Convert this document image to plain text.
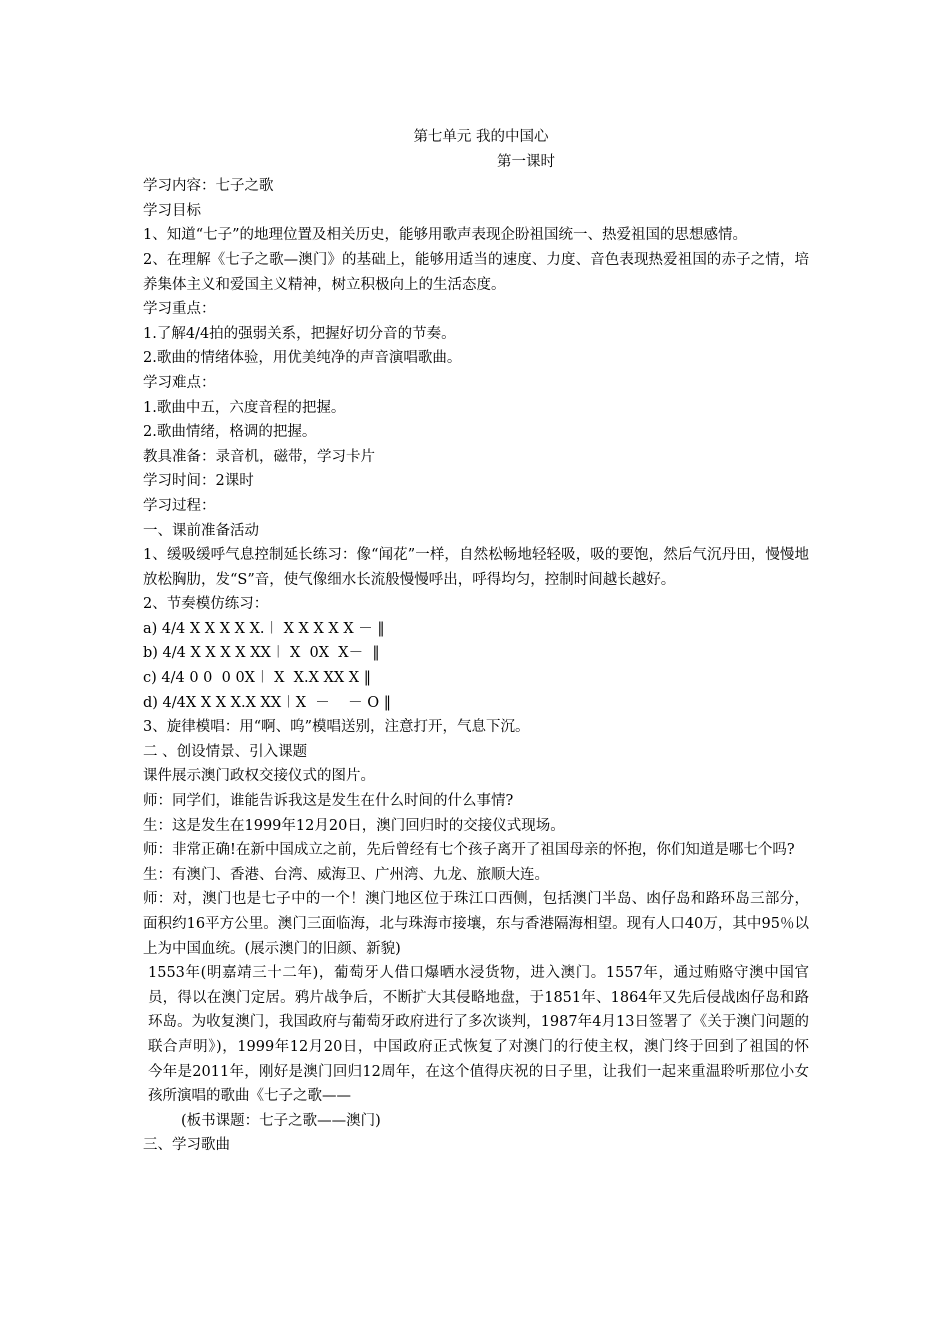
第七单元 我的中国心
第一课时

学习内容：七子之歌

学习目标

1、知道“七子”的地理位置及相关历史，能够用歌声表现企盼祖国统一、热爱祖国的思想感情。

2、在理解《七子之歌—澳门》的基础上，能够用适当的速度、力度、音色表现热爱祖国的赤子之情，培养集体主义和爱国主义精神，树立积极向上的生活态度。

学习重点：

1.了解4/4拍的强弱关系，把握好切分音的节奏。

2.歌曲的情绪体验，用优美纯净的声音演唱歌曲。

学习难点：

1.歌曲中五，六度音程的把握。

2.歌曲情绪，格调的把握。

教具准备：录音机，磁带，学习卡片

学习时间：2课时

学习过程：

一、课前准备活动

1、缓吸缓呼气息控制延长练习：像“闻花”一样，自然松畅地轻轻吸，吸的要饱，然后气沉丹田，慢慢地放松胸肋，发“S”音，使气像细水长流般慢慢呼出，呼得均匀，控制时间越长越好。

2、节奏模仿练习：

a) 4/4 X X X X X.︱ X X X X X － ‖

b) 4/4 X X X X XX︱ X  0X  X－  ‖

c) 4/4 0 0  0 0X︱ X  X.X XX X ‖

d) 4/4X X X X.X XX︱X  －    － O ‖

3、旋律模唱：用“啊、呜”模唱送别，注意打开，气息下沉。

二 、创设情景、引入课题

课件展示澳门政权交接仪式的图片。

师：同学们，谁能告诉我这是发生在什么时间的什么事情?

生：这是发生在1999年12月20日，澳门回归时的交接仪式现场。

师：非常正确!在新中国成立之前，先后曾经有七个孩子离开了祖国母亲的怀抱，你们知道是哪七个吗?

生：有澳门、香港、台湾、威海卫、广州湾、九龙、旅顺大连。

师：对，澳门也是七子中的一个！澳门地区位于珠江口西侧，包括澳门半岛、凼仔岛和路环岛三部分，面积约16平方公里。澳门三面临海，北与珠海市接壤，东与香港隔海相望。现有人口40万，其中95％以上为中国血统。(展示澳门的旧颜、新貌)

1553年(明嘉靖三十二年)，葡萄牙人借口爆晒水浸货物，进入澳门。1557年，通过贿赂守澳中国官员，得以在澳门定居。鸦片战争后，不断扩大其侵略地盘，于1851年、1864年又先后侵战凼仔岛和路环岛。为收复澳门，我国政府与葡萄牙政府进行了多次谈判，1987年4月13日签署了《关于澳门问题的联合声明》)，1999年12月20日，中国政府正式恢复了对澳门的行使主权，澳门终于回到了祖国的怀    今年是2011年，刚好是澳门回归12周年，在这个值得庆祝的日子里，让我们一起来重温聆听那位小女孩所演唱的歌曲《七子之歌——

(板书课题：七子之歌——澳门)

三、学习歌曲
